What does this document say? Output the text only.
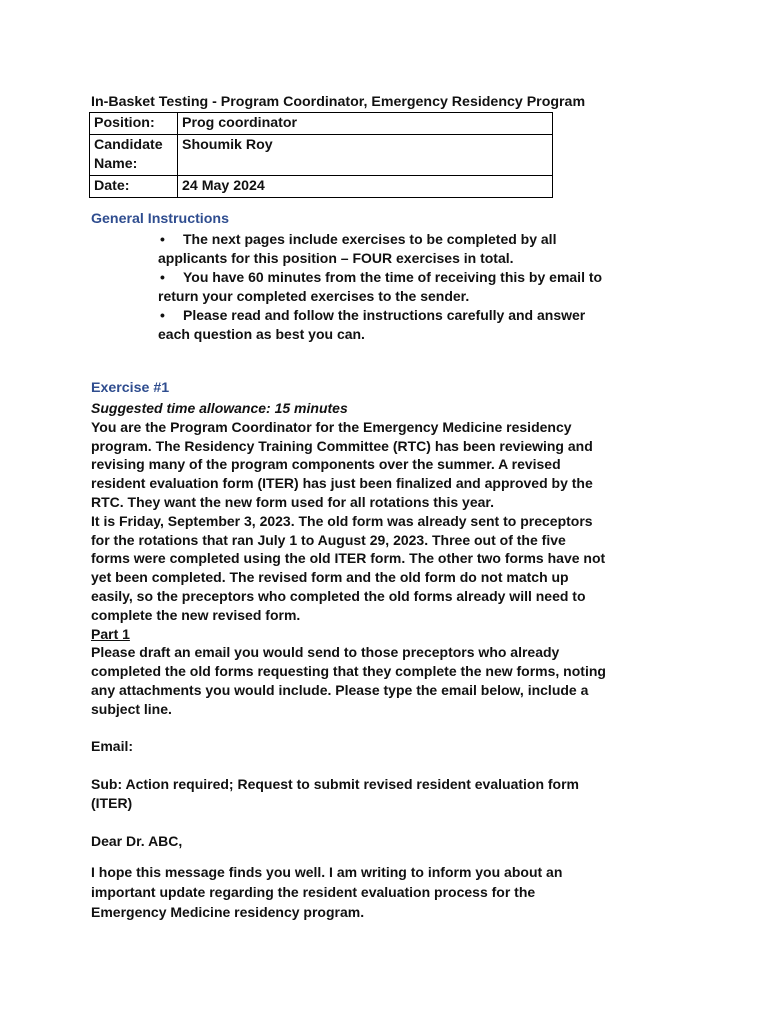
In-Basket Testing - Program Coordinator, Emergency Residency Program
Position:	Prog coordinator

Candidate
Name:	Shoumik Roy
Date:	24 May 2024
General Instructions
• The next pages include exercises to be completed by all
applicants for this position – FOUR exercises in total.
• You have 60 minutes from the time of receiving this by email to
return your completed exercises to the sender.
• Please read and follow the instructions carefully and answer
each question as best you can.
Exercise #1
Suggested time allowance: 15 minutes
You are the Program Coordinator for the Emergency Medicine residency
program. The Residency Training Committee (RTC) has been reviewing and
revising many of the program components over the summer. A revised
resident evaluation form (ITER) has just been finalized and approved by the
RTC. They want the new form used for all rotations this year.
It is Friday, September 3, 2023. The old form was already sent to preceptors
for the rotations that ran July 1 to August 29, 2023. Three out of the five
forms were completed using the old ITER form. The other two forms have not
yet been completed. The revised form and the old form do not match up
easily, so the preceptors who completed the old forms already will need to
complete the new revised form.
Part 1
Please draft an email you would send to those preceptors who already
completed the old forms requesting that they complete the new forms, noting
any attachments you would include. Please type the email below, include a
subject line.
Email:
Sub: Action required; Request to submit revised resident evaluation form
(ITER)
Dear Dr. ABC,
I hope this message finds you well. I am writing to inform you about an
important update regarding the resident evaluation process for the
Emergency Medicine residency program.
